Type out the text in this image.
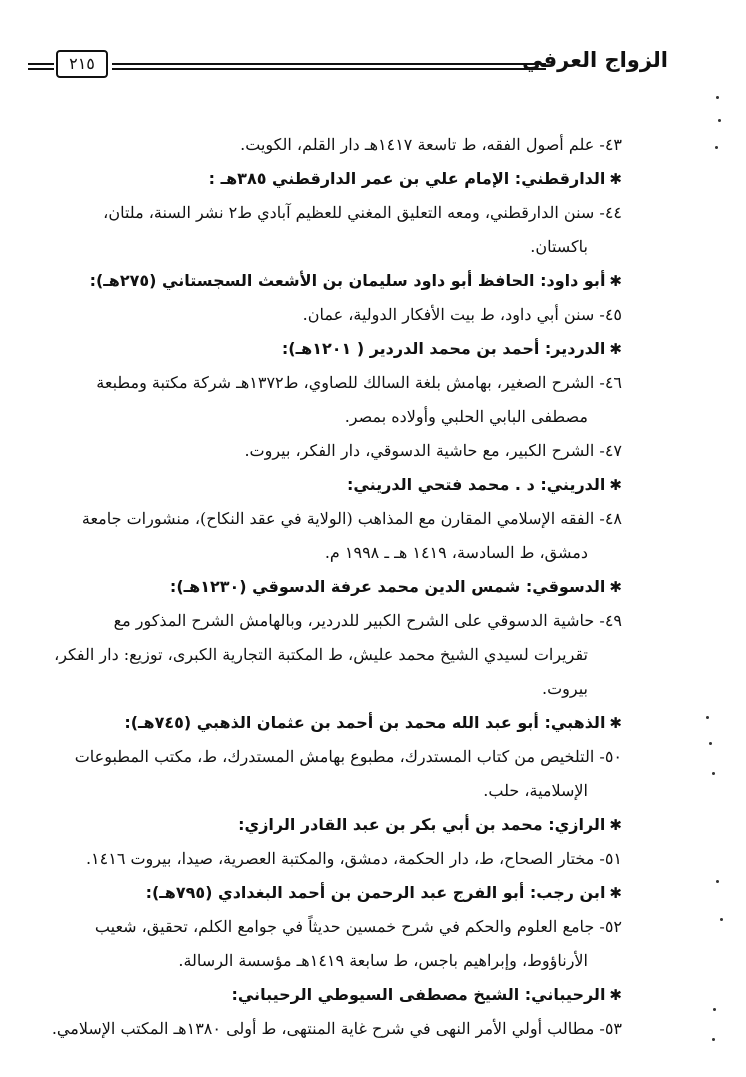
الزواج العرفي
٢١٥
٤٣- علم أصول الفقه، ط تاسعة ١٤١٧هـ دار القلم، الكويت.
✱الدارقطني: الإمام علي بن عمر الدارقطني ٣٨٥هـ :
٤٤- سنن الدارقطني، ومعه التعليق المغني للعظيم آبادي ط٢ نشر السنة، ملتان،
باكستان.
✱أبو داود: الحافظ أبو داود سليمان بن الأشعث السجستاني (٢٧٥هـ):
٤٥- سنن أبي داود، ط بيت الأفكار الدولية، عمان.
✱الدردير: أحمد بن محمد الدردير ( ١٢٠١هـ):
٤٦- الشرح الصغير، بهامش بلغة السالك للصاوي، ط١٣٧٢هـ شركة مكتبة ومطبعة
مصطفى البابي الحلبي وأولاده بمصر.
٤٧- الشرح الكبير، مع حاشية الدسوقي، دار الفكر، بيروت.
✱الدريني: د . محمد فتحي الدريني:
٤٨- الفقه الإسلامي المقارن مع المذاهب (الولاية في عقد النكاح)، منشورات جامعة
دمشق، ط السادسة، ١٤١٩ هـ ـ ١٩٩٨ م.
✱الدسوقي: شمس الدين محمد عرفة الدسوقي (١٢٣٠هـ):
٤٩- حاشية الدسوقي على الشرح الكبير للدردير، وبالهامش الشرح المذكور مع
تقريرات لسيدي الشيخ محمد عليش، ط المكتبة التجارية الكبرى، توزيع: دار الفكر،
بيروت.
✱الذهبي: أبو عبد الله محمد بن أحمد بن عثمان الذهبي (٧٤٥هـ):
٥٠- التلخيص من كتاب المستدرك، مطبوع بهامش المستدرك، ط، مكتب المطبوعات
الإسلامية، حلب.
✱الرازي: محمد بن أبي بكر بن عبد القادر الرازي:
٥١- مختار الصحاح، ط، دار الحكمة، دمشق، والمكتبة العصرية، صيدا، بيروت ١٤١٦.
✱ابن رجب: أبو الفرج عبد الرحمن بن أحمد البغدادي (٧٩٥هـ):
٥٢- جامع العلوم والحكم في شرح خمسين حديثاً في جوامع الكلم، تحقيق، شعيب
الأرناؤوط، وإبراهيم باجس، ط سابعة ١٤١٩هـ مؤسسة الرسالة.
✱الرحيباني: الشيخ مصطفى السيوطي الرحيباني:
٥٣- مطالب أولي الأمر النهى في شرح غاية المنتهى، ط أولى ١٣٨٠هـ المكتب الإسلامي.
